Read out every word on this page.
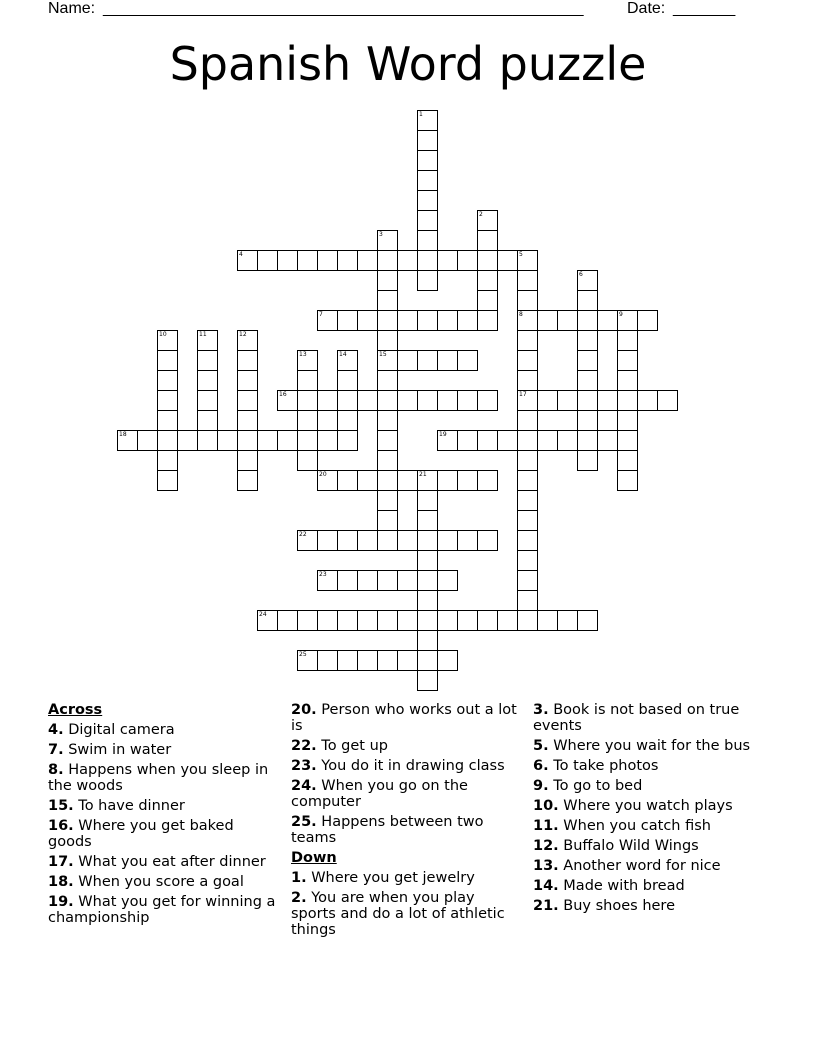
Name: ______________________________________________________	Date: _______
Spanish Word puzzle
4
7	8
15
16	17
18	19
20
22
23
24
25
1
2
3
5
6
9
10	11	12
13	14
21
Across
4. Digital camera
7. Swim in water
8. Happens when you sleep in the woods
15. To have dinner
16. Where you get baked goods
17. What you eat after dinner
18. When you score a goal
19. What you get for winning a championship
20. Person who works out a lot is
22. To get up
23. You do it in drawing class
24. When you go on the computer
25. Happens between two teams
Down
1. Where you get jewelry
2. You are when you play sports and do a lot of athletic things
3. Book is not based on true events
5. Where you wait for the bus
6. To take photos
9. To go to bed
10. Where you watch plays
11. When you catch fish
12. Buffalo Wild Wings
13. Another word for nice
14. Made with bread
21. Buy shoes here
